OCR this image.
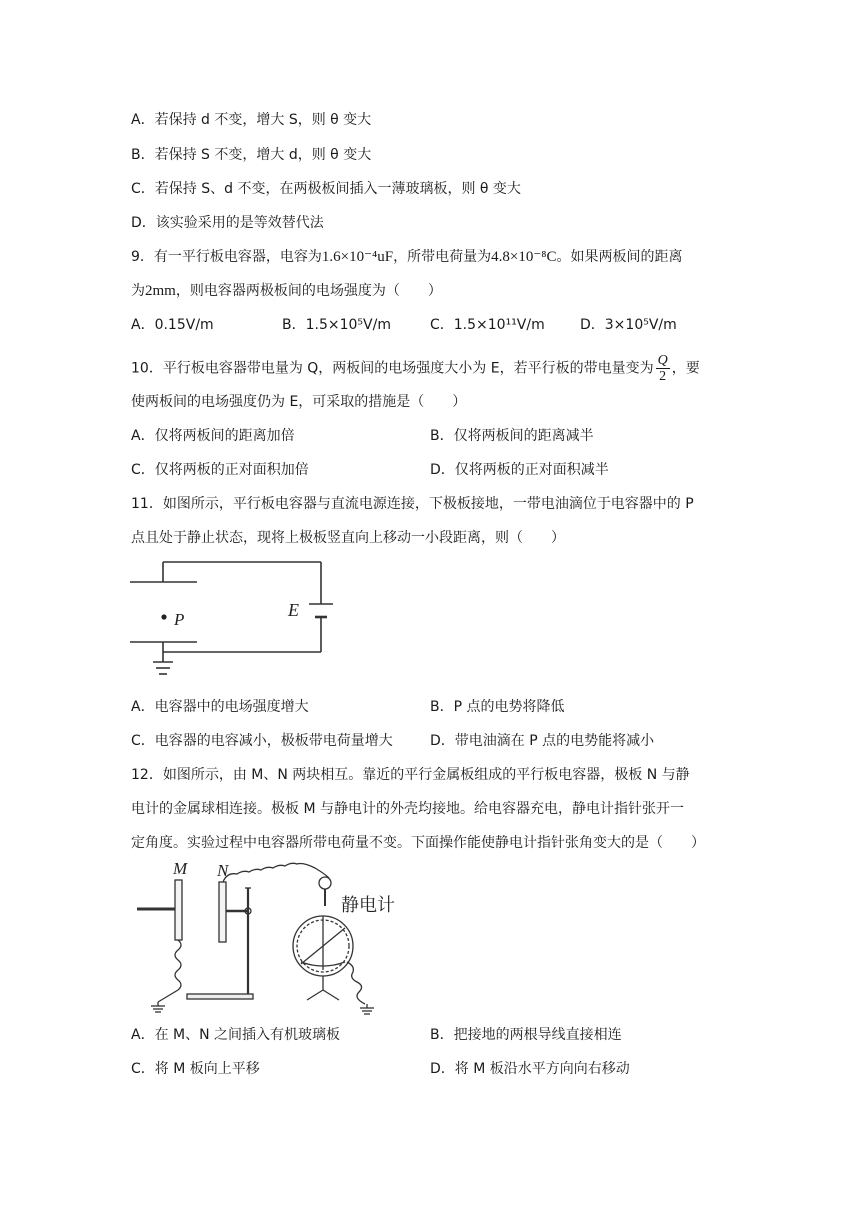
A．若保持 d 不变，增大 S，则 θ 变大
B．若保持 S 不变，增大 d，则 θ 变大
C．若保持 S、d 不变，在两极板间插入一薄玻璃板，则 θ 变大
D．该实验采用的是等效替代法
9．有一平行板电容器，电容为1.6×10⁻⁴uF，所带电荷量为4.8×10⁻⁸C。如果两板间的距离
为2mm，则电容器两极板间的电场强度为（　　）
A．0.15V/m	B．1.5×10⁵V/m	C．1.5×10¹¹V/m	D．3×10⁵V/m
10．平行板电容器带电量为 Q，两板间的电场强度大小为 E，若平行板的带电量变为 $\frac{Q}{2}$ ，要
使两板间的电场强度仍为 E，可采取的措施是（　　）
A．仅将两板间的距离加倍	B．仅将两板间的距离减半
C．仅将两板的正对面积加倍	D．仅将两板的正对面积减半
11．如图所示，平行板电容器与直流电源连接，下极板接地，一带电油滴位于电容器中的 P
点且处于静止状态，现将上极板竖直向上移动一小段距离，则（　　）
P	E
A．电容器中的电场强度增大	B．P 点的电势将降低
C．电容器的电容减小，极板带电荷量增大	D．带电油滴在 P 点的电势能将减小
12．如图所示，由 M、N 两块相互。靠近的平行金属板组成的平行板电容器，极板 N 与静
电计的金属球相连接。极板 M 与静电计的外壳均接地。给电容器充电，静电计指针张开一
定角度。实验过程中电容器所带电荷量不变。下面操作能使静电计指针张角变大的是（　　）
M N
静电计
A．在 M、N 之间插入有机玻璃板	B．把接地的两根导线直接相连
C．将 M 板向上平移	D．将 M 板沿水平方向向右移动
